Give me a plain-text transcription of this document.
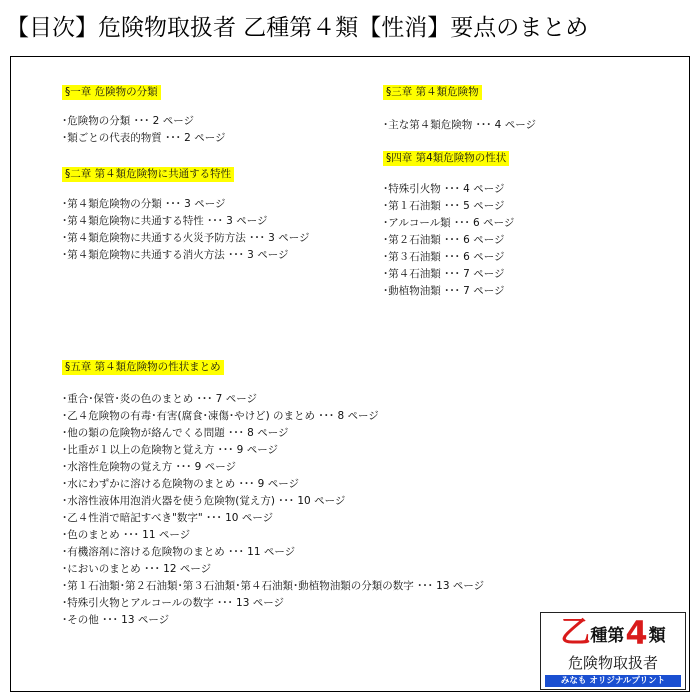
【目次】危険物取扱者 乙種第４類【性消】要点のまとめ
§一章 危険物の分類
･危険物の分類 ･･･ 2 ページ
･類ごとの代表的物質 ･･･ 2 ページ
§二章 第４類危険物に共通する特性
･第４類危険物の分類 ･･･ 3 ページ
･第４類危険物に共通する特性 ･･･ 3 ページ
･第４類危険物に共通する火災予防方法 ･･･ 3 ページ
･第４類危険物に共通する消火方法 ･･･ 3 ページ
§三章 第４類危険物
･主な第４類危険物 ･･･ 4 ページ
§四章 第4類危険物の性状
･特殊引火物 ･･･ 4 ページ
･第１石油類 ･･･ 5 ページ
･アルコール類 ･･･ 6 ページ
･第２石油類 ･･･ 6 ページ
･第３石油類 ･･･ 6 ページ
･第４石油類 ･･･ 7 ページ
･動植物油類 ･･･ 7 ページ
§五章 第４類危険物の性状まとめ
･重合･保管･炎の色のまとめ ･･･ 7 ページ
･乙４危険物の有毒･有害(腐食･凍傷･やけど) のまとめ ･･･ 8 ページ
･他の類の危険物が絡んでくる問題 ･･･ 8 ページ
･比重が１以上の危険物と覚え方 ･･･ 9 ページ
･水溶性危険物の覚え方 ･･･ 9 ページ
･水にわずかに溶ける危険物のまとめ ･･･ 9 ページ
･水溶性液体用泡消火器を使う危険物(覚え方) ･･･ 10 ページ
･乙４性消で暗記すべき"数字" ･･･ 10 ページ
･色のまとめ ･･･ 11 ページ
･有機溶剤に溶ける危険物のまとめ ･･･ 11 ページ
･においのまとめ ･･･ 12 ページ
･第１石油類･第２石油類･第３石油類･第４石油類･動植物油類の分類の数字 ･･･ 13 ページ
･特殊引火物とアルコールの数字 ･･･ 13 ページ
･その他 ･･･ 13 ページ	乙 種第 4 類
危険物取扱者
みなも オリジナルプリント
